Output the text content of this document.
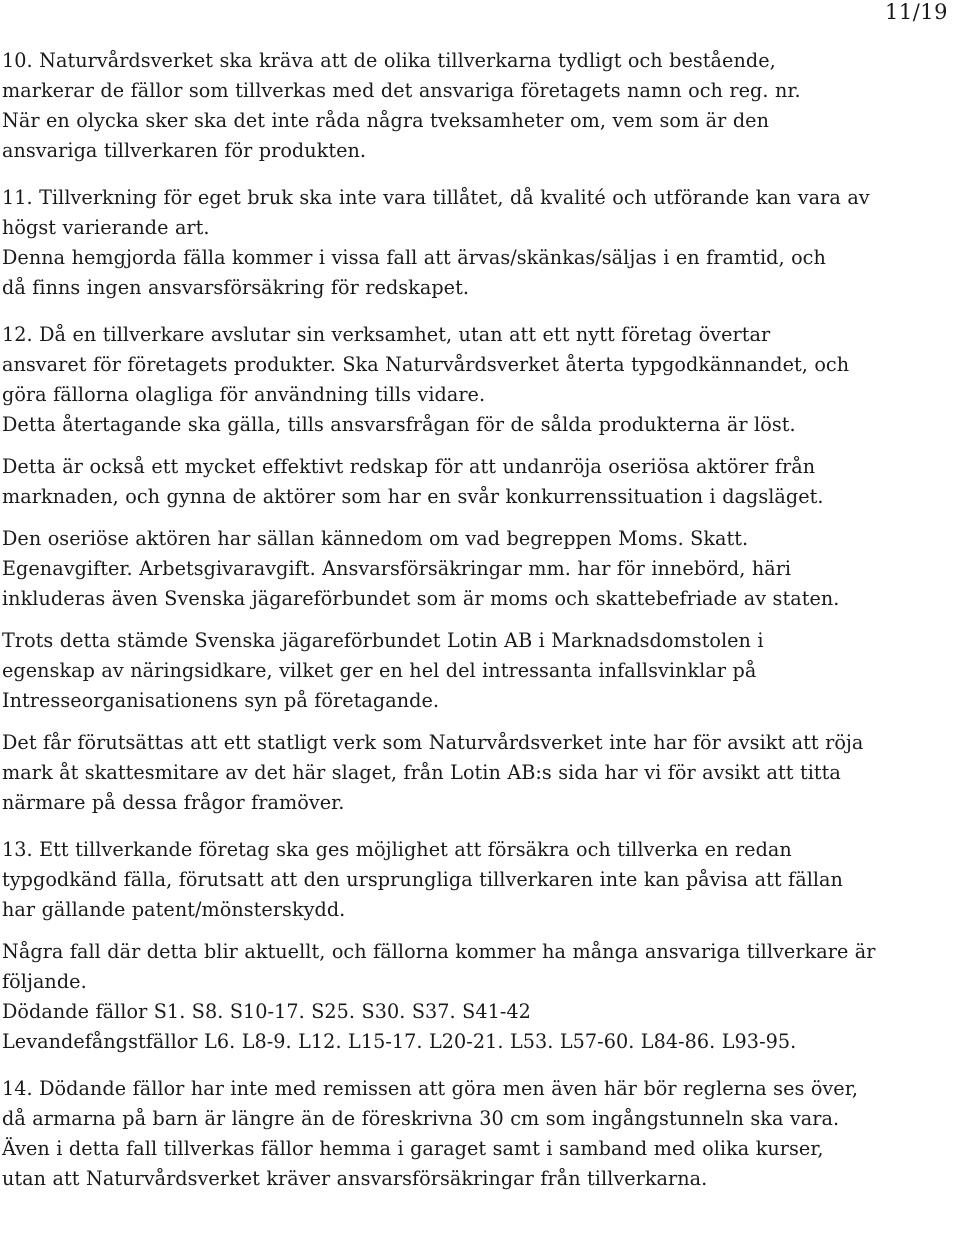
11/19

10. Naturvårdsverket ska kräva att de olika tillverkarna tydligt och bestående,
markerar de fällor som tillverkas med det ansvariga företagets namn och reg. nr.
När en olycka sker ska det inte råda några tveksamheter om, vem som är den
ansvariga tillverkaren för produkten.

11. Tillverkning för eget bruk ska inte vara tillåtet, då kvalité och utförande kan vara av
högst varierande art.
Denna hemgjorda fälla kommer i vissa fall att ärvas/skänkas/säljas i en framtid, och
då finns ingen ansvarsförsäkring för redskapet.

12. Då en tillverkare avslutar sin verksamhet, utan att ett nytt företag övertar
ansvaret för företagets produkter. Ska Naturvårdsverket återta typgodkännandet, och
göra fällorna olagliga för användning tills vidare.
Detta återtagande ska gälla, tills ansvarsfrågan för de sålda produkterna är löst.

Detta är också ett mycket effektivt redskap för att undanröja oseriösa aktörer från
marknaden, och gynna de aktörer som har en svår konkurrenssituation i dagsläget.

Den oseriöse aktören har sällan kännedom om vad begreppen Moms. Skatt.
Egenavgifter. Arbetsgivaravgift. Ansvarsförsäkringar mm. har för innebörd, häri
inkluderas även Svenska jägareförbundet som är moms och skattebefriade av staten.

Trots detta stämde Svenska jägareförbundet Lotin AB i Marknadsdomstolen i
egenskap av näringsidkare, vilket ger en hel del intressanta infallsvinklar på
Intresseorganisationens syn på företagande.

Det får förutsättas att ett statligt verk som Naturvårdsverket inte har för avsikt att röja
mark åt skattesmitare av det här slaget, från Lotin AB:s sida har vi för avsikt att titta
närmare på dessa frågor framöver.

13. Ett tillverkande företag ska ges möjlighet att försäkra och tillverka en redan
typgodkänd fälla, förutsatt att den ursprungliga tillverkaren inte kan påvisa att fällan
har gällande patent/mönsterskydd.

Några fall där detta blir aktuellt, och fällorna kommer ha många ansvariga tillverkare är
följande.
Dödande fällor S1. S8. S10-17. S25. S30. S37. S41-42
Levandefångstfällor L6. L8-9. L12. L15-17. L20-21. L53. L57-60. L84-86. L93-95.

14. Dödande fällor har inte med remissen att göra men även här bör reglerna ses över,
då armarna på barn är längre än de föreskrivna 30 cm som ingångstunneln ska vara.
Även i detta fall tillverkas fällor hemma i garaget samt i samband med olika kurser,
utan att Naturvårdsverket kräver ansvarsförsäkringar från tillverkarna.
